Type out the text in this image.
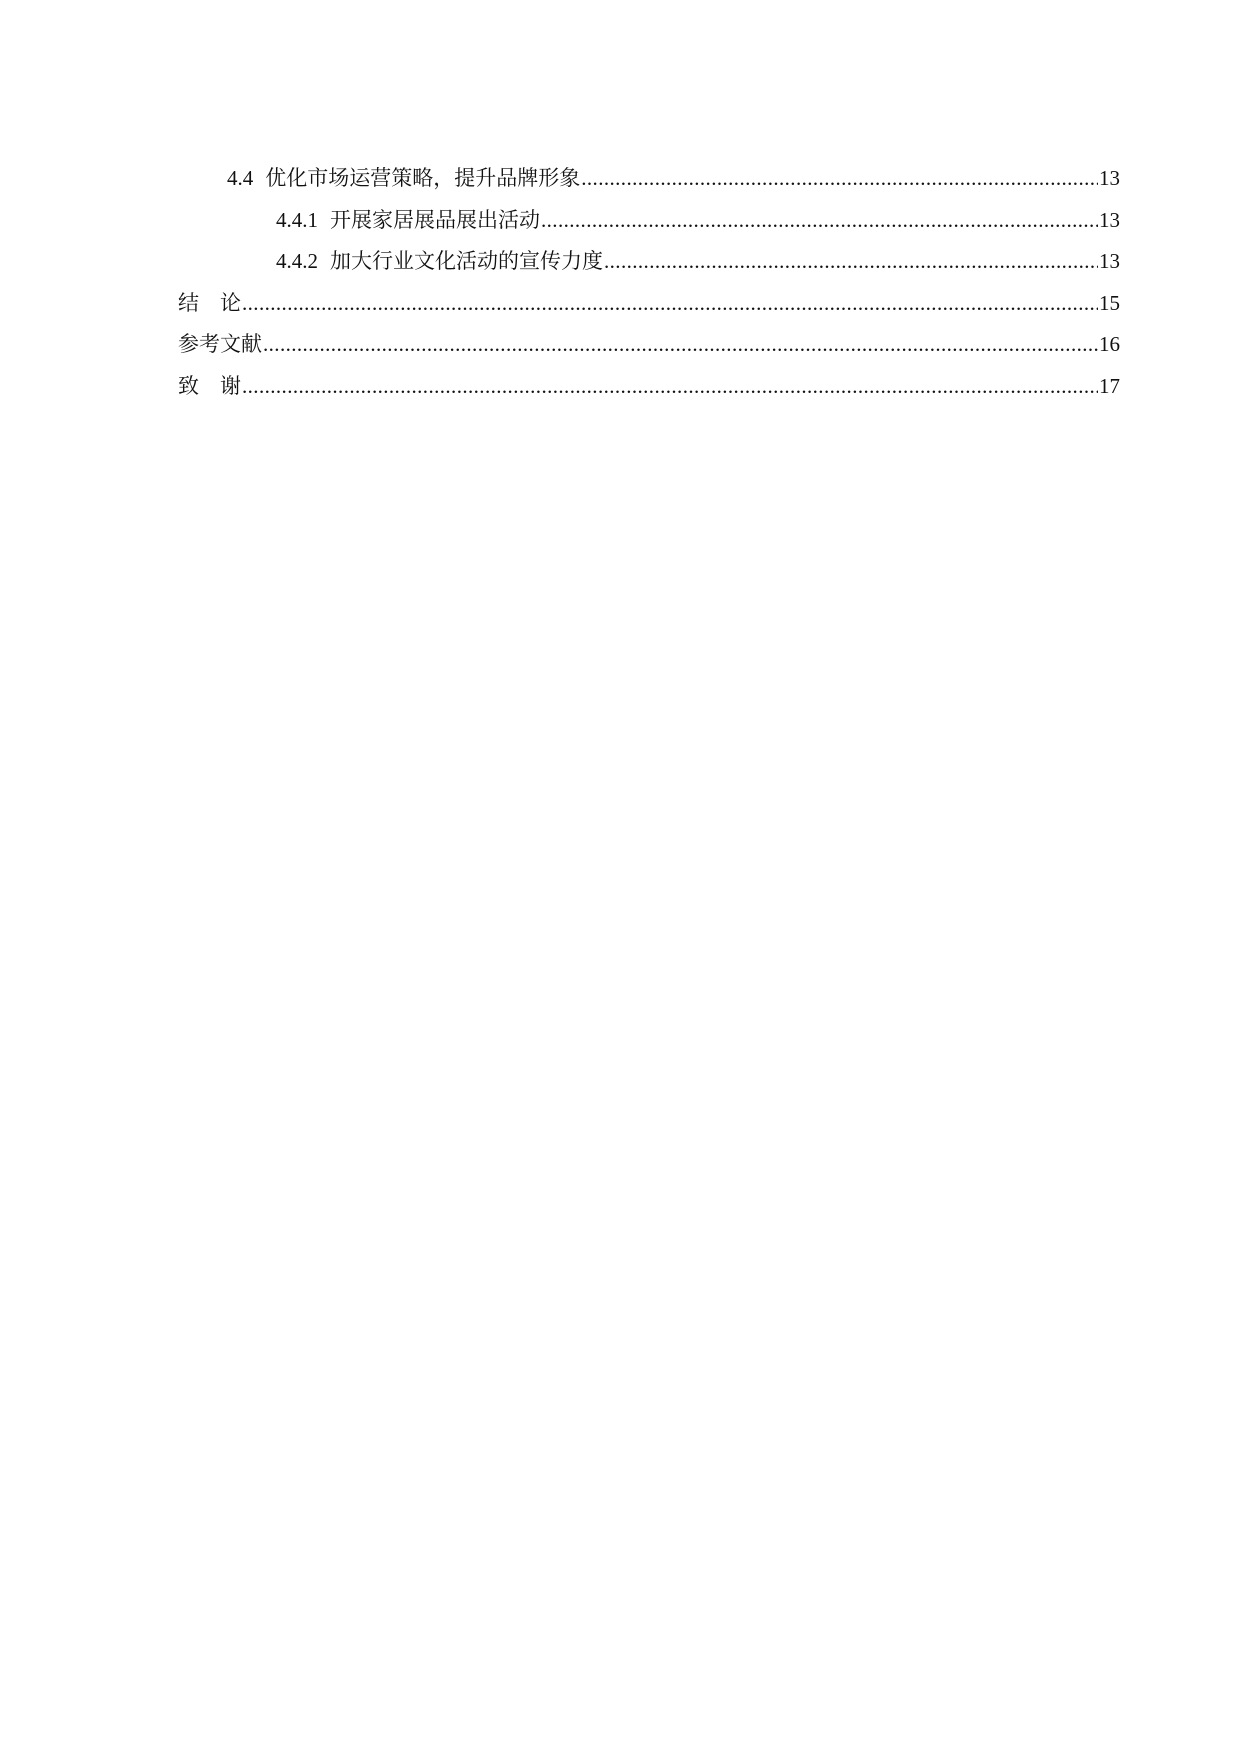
4.4 优化市场运营策略，提升品牌形象 .....	13
4.4.1 开展家居展品展出活动 .....	13
4.4.2 加大行业文化活动的宣传力度 .....	13
结    论 .....	15
参考文献 .....	16
致    谢 .....	17
